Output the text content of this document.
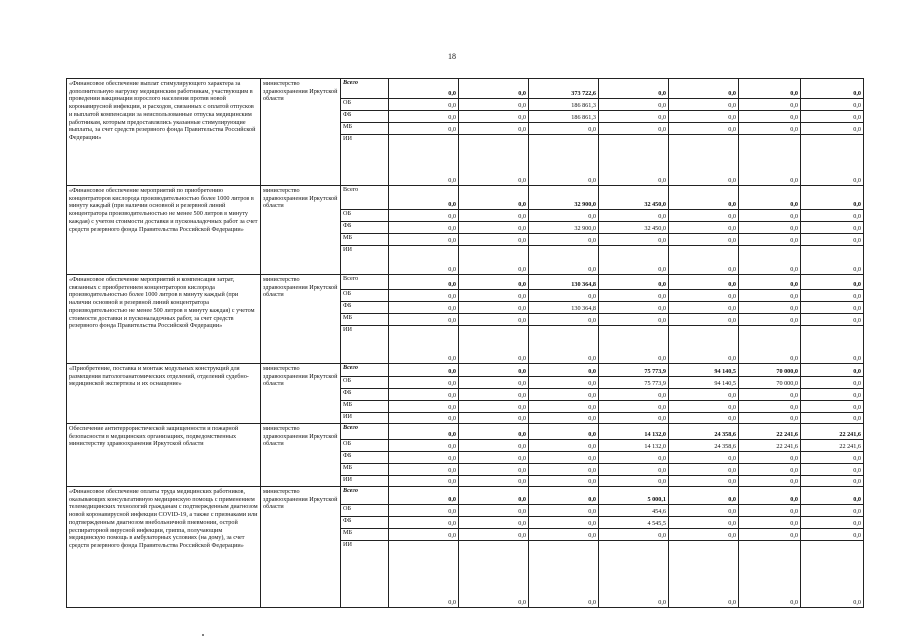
18
«Финансовое обеспечение выплат стимулирующего характера за дополнительную нагрузку медицинским работникам, участвующим в проведении вакцинации взрослого населения против новой коронавирусной инфекции, и расходов, связанных с оплатой отпусков и выплатой компенсации за неиспользованные отпуска медицинским работникам, которым предоставлялись указанные стимулирующие выплаты, за счет средств резервного фонда Правительства Российской Федерации»	министерство здравоохранения Иркутской области	Всего	0,0	0,0	373 722,6	0,0	0,0	0,0	0,0
		ОБ	0,0	0,0	186 861,3	0,0	0,0	0,0	0,0
		ФБ	0,0	0,0	186 861,3	0,0	0,0	0,0	0,0
		МБ	0,0	0,0	0,0	0,0	0,0	0,0	0,0
		ИИ	0,0	0,0	0,0	0,0	0,0	0,0	0,0
«Финансовое обеспечение мероприятий по приобретению концентраторов кислорода производительностью более 1000 литров в минуту каждый (при наличии основной и резервной линий концентратора производительностью не менее 500 литров в минуту каждая) с учетом стоимости доставки и пусконаладочных работ за счет средств резервного фонда Правительства Российской Федерации»	министерство здравоохранения Иркутской области	Всего	0,0	0,0	32 900,0	32 450,0	0,0	0,0	0,0
		ОБ	0,0	0,0	0,0	0,0	0,0	0,0	0,0
		ФБ	0,0	0,0	32 900,0	32 450,0	0,0	0,0	0,0
		МБ	0,0	0,0	0,0	0,0	0,0	0,0	0,0
		ИИ	0,0	0,0	0,0	0,0	0,0	0,0	0,0
«Финансовое обеспечение мероприятий и компенсация затрат, связанных с приобретением концентраторов кислорода производительностью более 1000 литров в минуту каждый (при наличии основной и резервной линий концентратора производительностью не менее 500 литров в минуту каждая) с учетом стоимости доставки и пусконаладочных работ, за счет средств резервного фонда Правительства Российской Федерации»	министерство здравоохранения Иркутской области	Всего	0,0	0,0	130 364,8	0,0	0,0	0,0	0,0
		ОБ	0,0	0,0	0,0	0,0	0,0	0,0	0,0
		ФБ	0,0	0,0	130 364,8	0,0	0,0	0,0	0,0
		МБ	0,0	0,0	0,0	0,0	0,0	0,0	0,0
		ИИ	0,0	0,0	0,0	0,0	0,0	0,0	0,0
«Приобретение, поставка и монтаж модульных конструкций для размещения патологоанатомических отделений, отделений судебно-медицинской экспертизы и их оснащение»	министерство здравоохранения Иркутской области	Всего	0,0	0,0	0,0	75 773,9	94 140,5	70 000,0	0,0
		ОБ	0,0	0,0	0,0	75 773,9	94 140,5	70 000,0	0,0
		ФБ	0,0	0,0	0,0	0,0	0,0	0,0	0,0
		МБ	0,0	0,0	0,0	0,0	0,0	0,0	0,0
		ИИ	0,0	0,0	0,0	0,0	0,0	0,0	0,0
Обеспечение антитеррористической защищенности и пожарной безопасности в медицинских организациях, подведомственных министерству здравоохранения Иркутской области	министерство здравоохранения Иркутской области	Всего	0,0	0,0	0,0	14 132,0	24 358,6	22 241,6	22 241,6
		ОБ	0,0	0,0	0,0	14 132,0	24 358,6	22 241,6	22 241,6
		ФБ	0,0	0,0	0,0	0,0	0,0	0,0	0,0
		МБ	0,0	0,0	0,0	0,0	0,0	0,0	0,0
		ИИ	0,0	0,0	0,0	0,0	0,0	0,0	0,0
«Финансовое обеспечение оплаты труда медицинских работников, оказывающих консультативную медицинскую помощь с применением телемедицинских технологий гражданам с подтвержденным диагнозом новой коронавирусной инфекции COVID-19, а также с признаками или подтвержденным диагнозом внебольничной пневмонии, острой респираторной вирусной инфекции, гриппа, получающим медицинскую помощь в амбулаторных условиях (на дому), за счет средств резервного фонда Правительства Российской Федерации»	министерство здравоохранения Иркутской области	Всего	0,0	0,0	0,0	5 000,1	0,0	0,0	0,0
		ОБ	0,0	0,0	0,0	454,6	0,0	0,0	0,0
		ФБ	0,0	0,0	0,0	4 545,5	0,0	0,0	0,0
		МБ	0,0	0,0	0,0	0,0	0,0	0,0	0,0
		ИИ	0,0	0,0	0,0	0,0	0,0	0,0	0,0
